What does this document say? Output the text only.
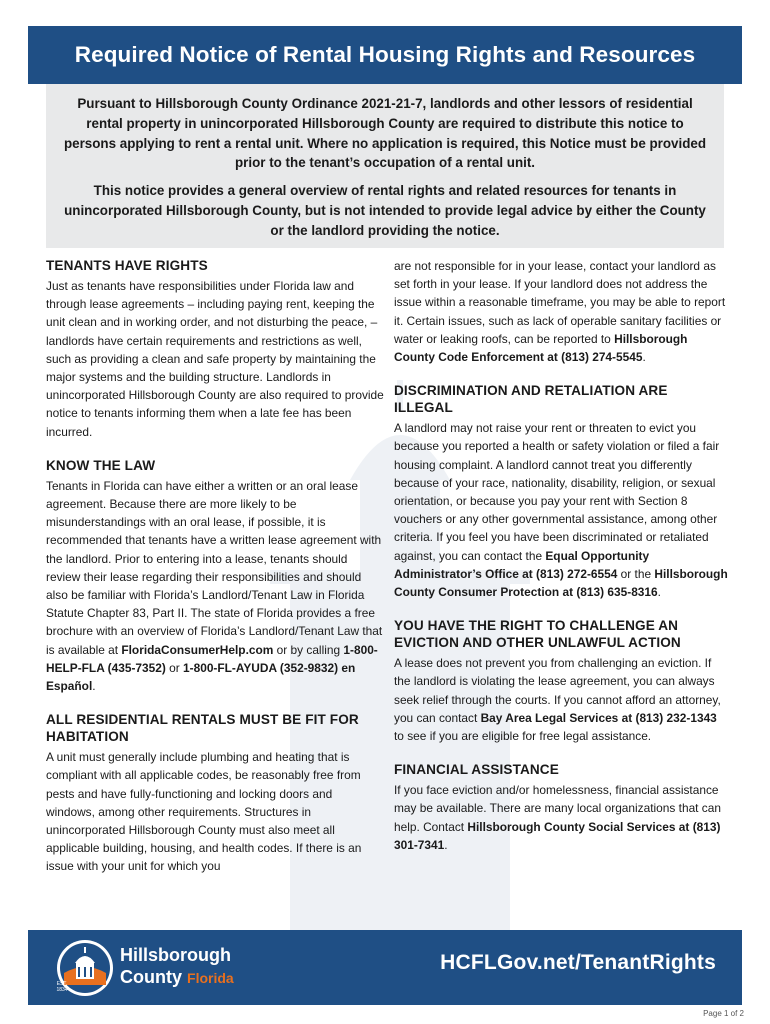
Required Notice of Rental Housing Rights and Resources

Pursuant to Hillsborough County Ordinance 2021-21-7, landlords and other lessors of residential rental property in unincorporated Hillsborough County are required to distribute this notice to persons applying to rent a rental unit. Where no application is required, this Notice must be provided prior to the tenant’s occupation of a rental unit.

This notice provides a general overview of rental rights and related resources for tenants in unincorporated Hillsborough County, but is not intended to provide legal advice by either the County or the landlord providing the notice.

TENANTS HAVE RIGHTS

Just as tenants have responsibilities under Florida law and through lease agreements – including paying rent, keeping the unit clean and in working order, and not disturbing the peace, – landlords have certain requirements and restrictions as well, such as providing a clean and safe property by maintaining the major systems and the building structure. Landlords in unincorporated Hillsborough County are also required to provide notice to tenants informing them when a late fee has been incurred.

KNOW THE LAW

Tenants in Florida can have either a written or an oral lease agreement. Because there are more likely to be misunderstandings with an oral lease, if possible, it is recommended that tenants have a written lease agreement with the landlord. Prior to entering into a lease, tenants should review their lease regarding their responsibilities and should also be familiar with Florida’s Landlord/Tenant Law in Florida Statute Chapter 83, Part II. The state of Florida provides a free brochure with an overview of Florida’s Landlord/Tenant Law that is available at FloridaConsumerHelp.com or by calling 1-800-HELP-FLA (435-7352) or 1-800-FL-AYUDA (352-9832) en Español.

ALL RESIDENTIAL RENTALS MUST BE FIT FOR HABITATION

A unit must generally include plumbing and heating that is compliant with all applicable codes, be reasonably free from pests and have fully-functioning and locking doors and windows, among other requirements. Structures in unincorporated Hillsborough County must also meet all applicable building, housing, and health codes. If there is an issue with your unit for which you

are not responsible for in your lease, contact your landlord as set forth in your lease. If your landlord does not address the issue within a reasonable timeframe, you may be able to report it. Certain issues, such as lack of operable sanitary facilities or water or leaking roofs, can be reported to Hillsborough County Code Enforcement at (813) 274-5545.

DISCRIMINATION AND RETALIATION ARE ILLEGAL

A landlord may not raise your rent or threaten to evict you because you reported a health or safety violation or filed a fair housing complaint. A landlord cannot treat you differently because of your race, nationality, disability, religion, or sexual orientation, or because you pay your rent with Section 8 vouchers or any other governmental assistance, among other criteria. If you feel you have been discriminated or retaliated against, you can contact the Equal Opportunity Administrator’s Office at (813) 272-6554 or the Hillsborough County Consumer Protection at (813) 635-8316.

YOU HAVE THE RIGHT TO CHALLENGE AN EVICTION AND OTHER UNLAWFUL ACTION

A lease does not prevent you from challenging an eviction. If the landlord is violating the lease agreement, you can always seek relief through the courts. If you cannot afford an attorney, you can contact Bay Area Legal Services at (813) 232-1343 to see if you are eligible for free legal assistance.

FINANCIAL ASSISTANCE

If you face eviction and/or homelessness, financial assistance may be available. There are many local organizations that can help. Contact Hillsborough County Social Services at (813) 301-7341.

EST. 1834
Hillsborough
County Florida
HCFLGov.net/TenantRights
Page 1 of 2
